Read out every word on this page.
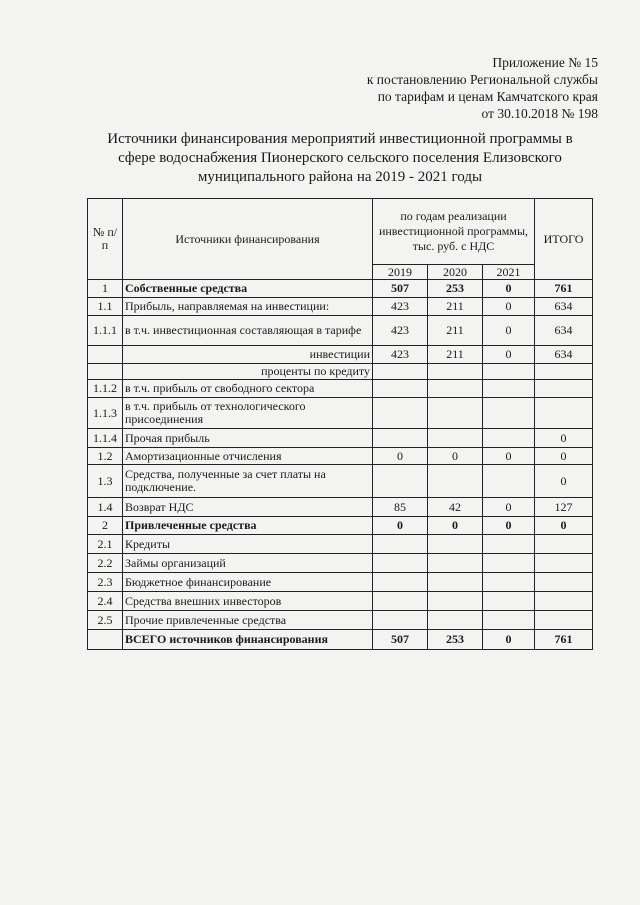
Приложение № 15
к постановлению Региональной службы
по тарифам и ценам Камчатского края
от 30.10.2018 № 198
Источники финансирования мероприятий инвестиционной программы в
сфере водоснабжения Пионерского сельского поселения Елизовского
муниципального района на 2019 - 2021 годы
№ п/п	Источники финансирования	по годам реализации инвестиционной программы, тыс. руб. с НДС			ИТОГО
		2019	2020	2021	
1	Собственные средства	507	253	0	761
1.1	Прибыль, направляемая на инвестиции:	423	211	0	634
1.1.1	в т.ч. инвестиционная составляющая в тарифе	423	211	0	634
	инвестиции	423	211	0	634
	проценты по кредиту				
1.1.2	в т.ч. прибыль от свободного сектора				
1.1.3	в т.ч. прибыль от технологического присоединения				
1.1.4	Прочая прибыль				0
1.2	Амортизационные отчисления	0	0	0	0
1.3	Средства, полученные за счет платы на подключение.				0
1.4	Возврат НДС	85	42	0	127
2	Привлеченные средства	0	0	0	0
2.1	Кредиты				
2.2	Займы организаций				
2.3	Бюджетное финансирование				
2.4	Средства внешних инвесторов				
2.5	Прочие привлеченные средства				
	ВСЕГО источников финансирования	507	253	0	761
